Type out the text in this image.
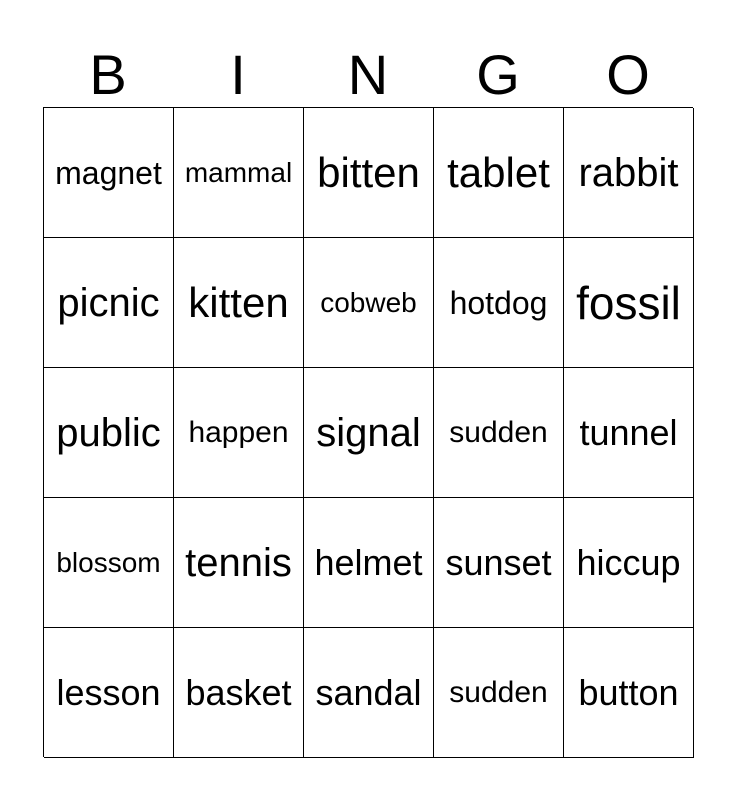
B	I	N	G	O
magnet mammal bitten tablet rabbit
picnic kitten	cobweb	hotdog fossil
public happen signal sudden tunnel
blossom tennis helmet sunset hiccup
lesson basket sandal sudden button
